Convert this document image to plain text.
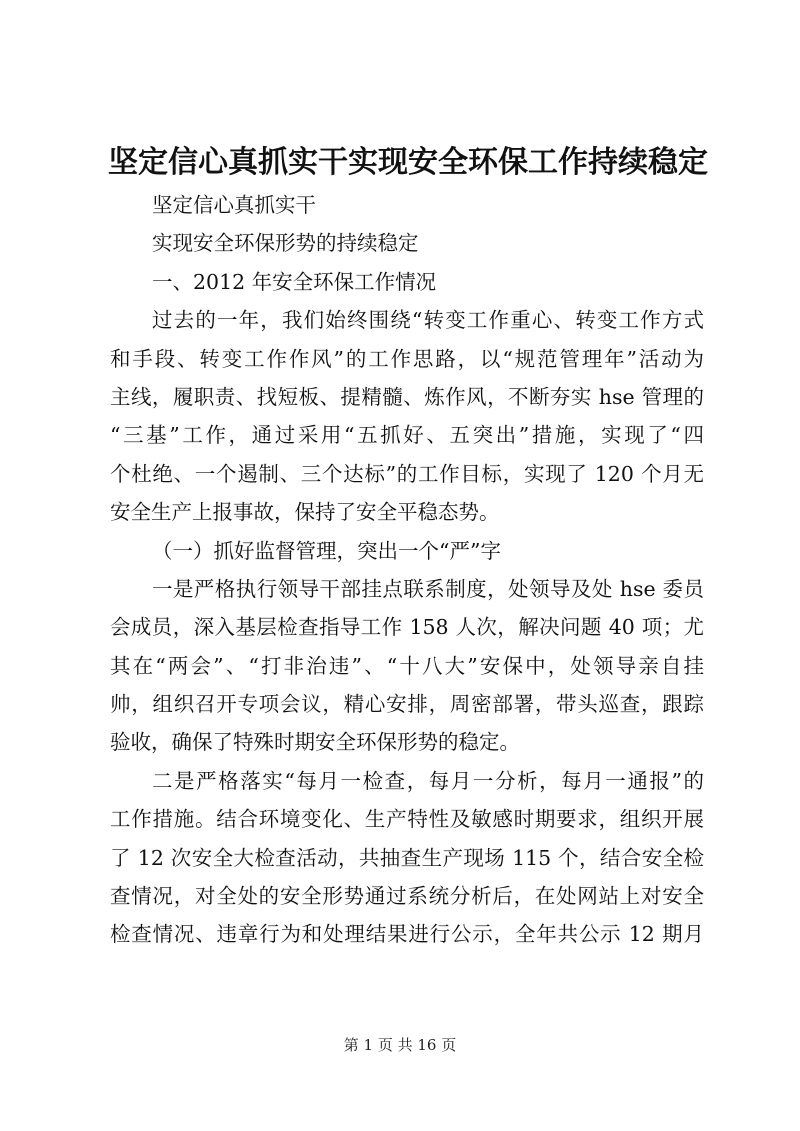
坚定信心真抓实干实现安全环保工作持续稳定
坚定信心真抓实干
实现安全环保形势的持续稳定
一、2012 年安全环保工作情况
过去的一年，我们始终围绕“转变工作重心、转变工作方式
和手段、转变工作作风”的工作思路，以“规范管理年”活动为
主线，履职责、找短板、提精髓、炼作风，不断夯实 hse 管理的
“三基”工作，通过采用“五抓好、五突出”措施，实现了“四
个杜绝、一个遏制、三个达标”的工作目标，实现了 120 个月无
安全生产上报事故，保持了安全平稳态势。
（一）抓好监督管理，突出一个“严”字
一是严格执行领导干部挂点联系制度，处领导及处 hse 委员
会成员，深入基层检查指导工作 158 人次，解决问题 40 项；尤
其在“两会”、“打非治违”、“十八大”安保中，处领导亲自挂
帅，组织召开专项会议，精心安排，周密部署，带头巡查，跟踪
验收，确保了特殊时期安全环保形势的稳定。
二是严格落实“每月一检查，每月一分析，每月一通报”的
工作措施。结合环境变化、生产特性及敏感时期要求，组织开展
了 12 次安全大检查活动，共抽查生产现场 115 个，结合安全检
查情况，对全处的安全形势通过系统分析后，在处网站上对安全
检查情况、违章行为和处理结果进行公示，全年共公示 12 期月
第 1 页 共 16 页
